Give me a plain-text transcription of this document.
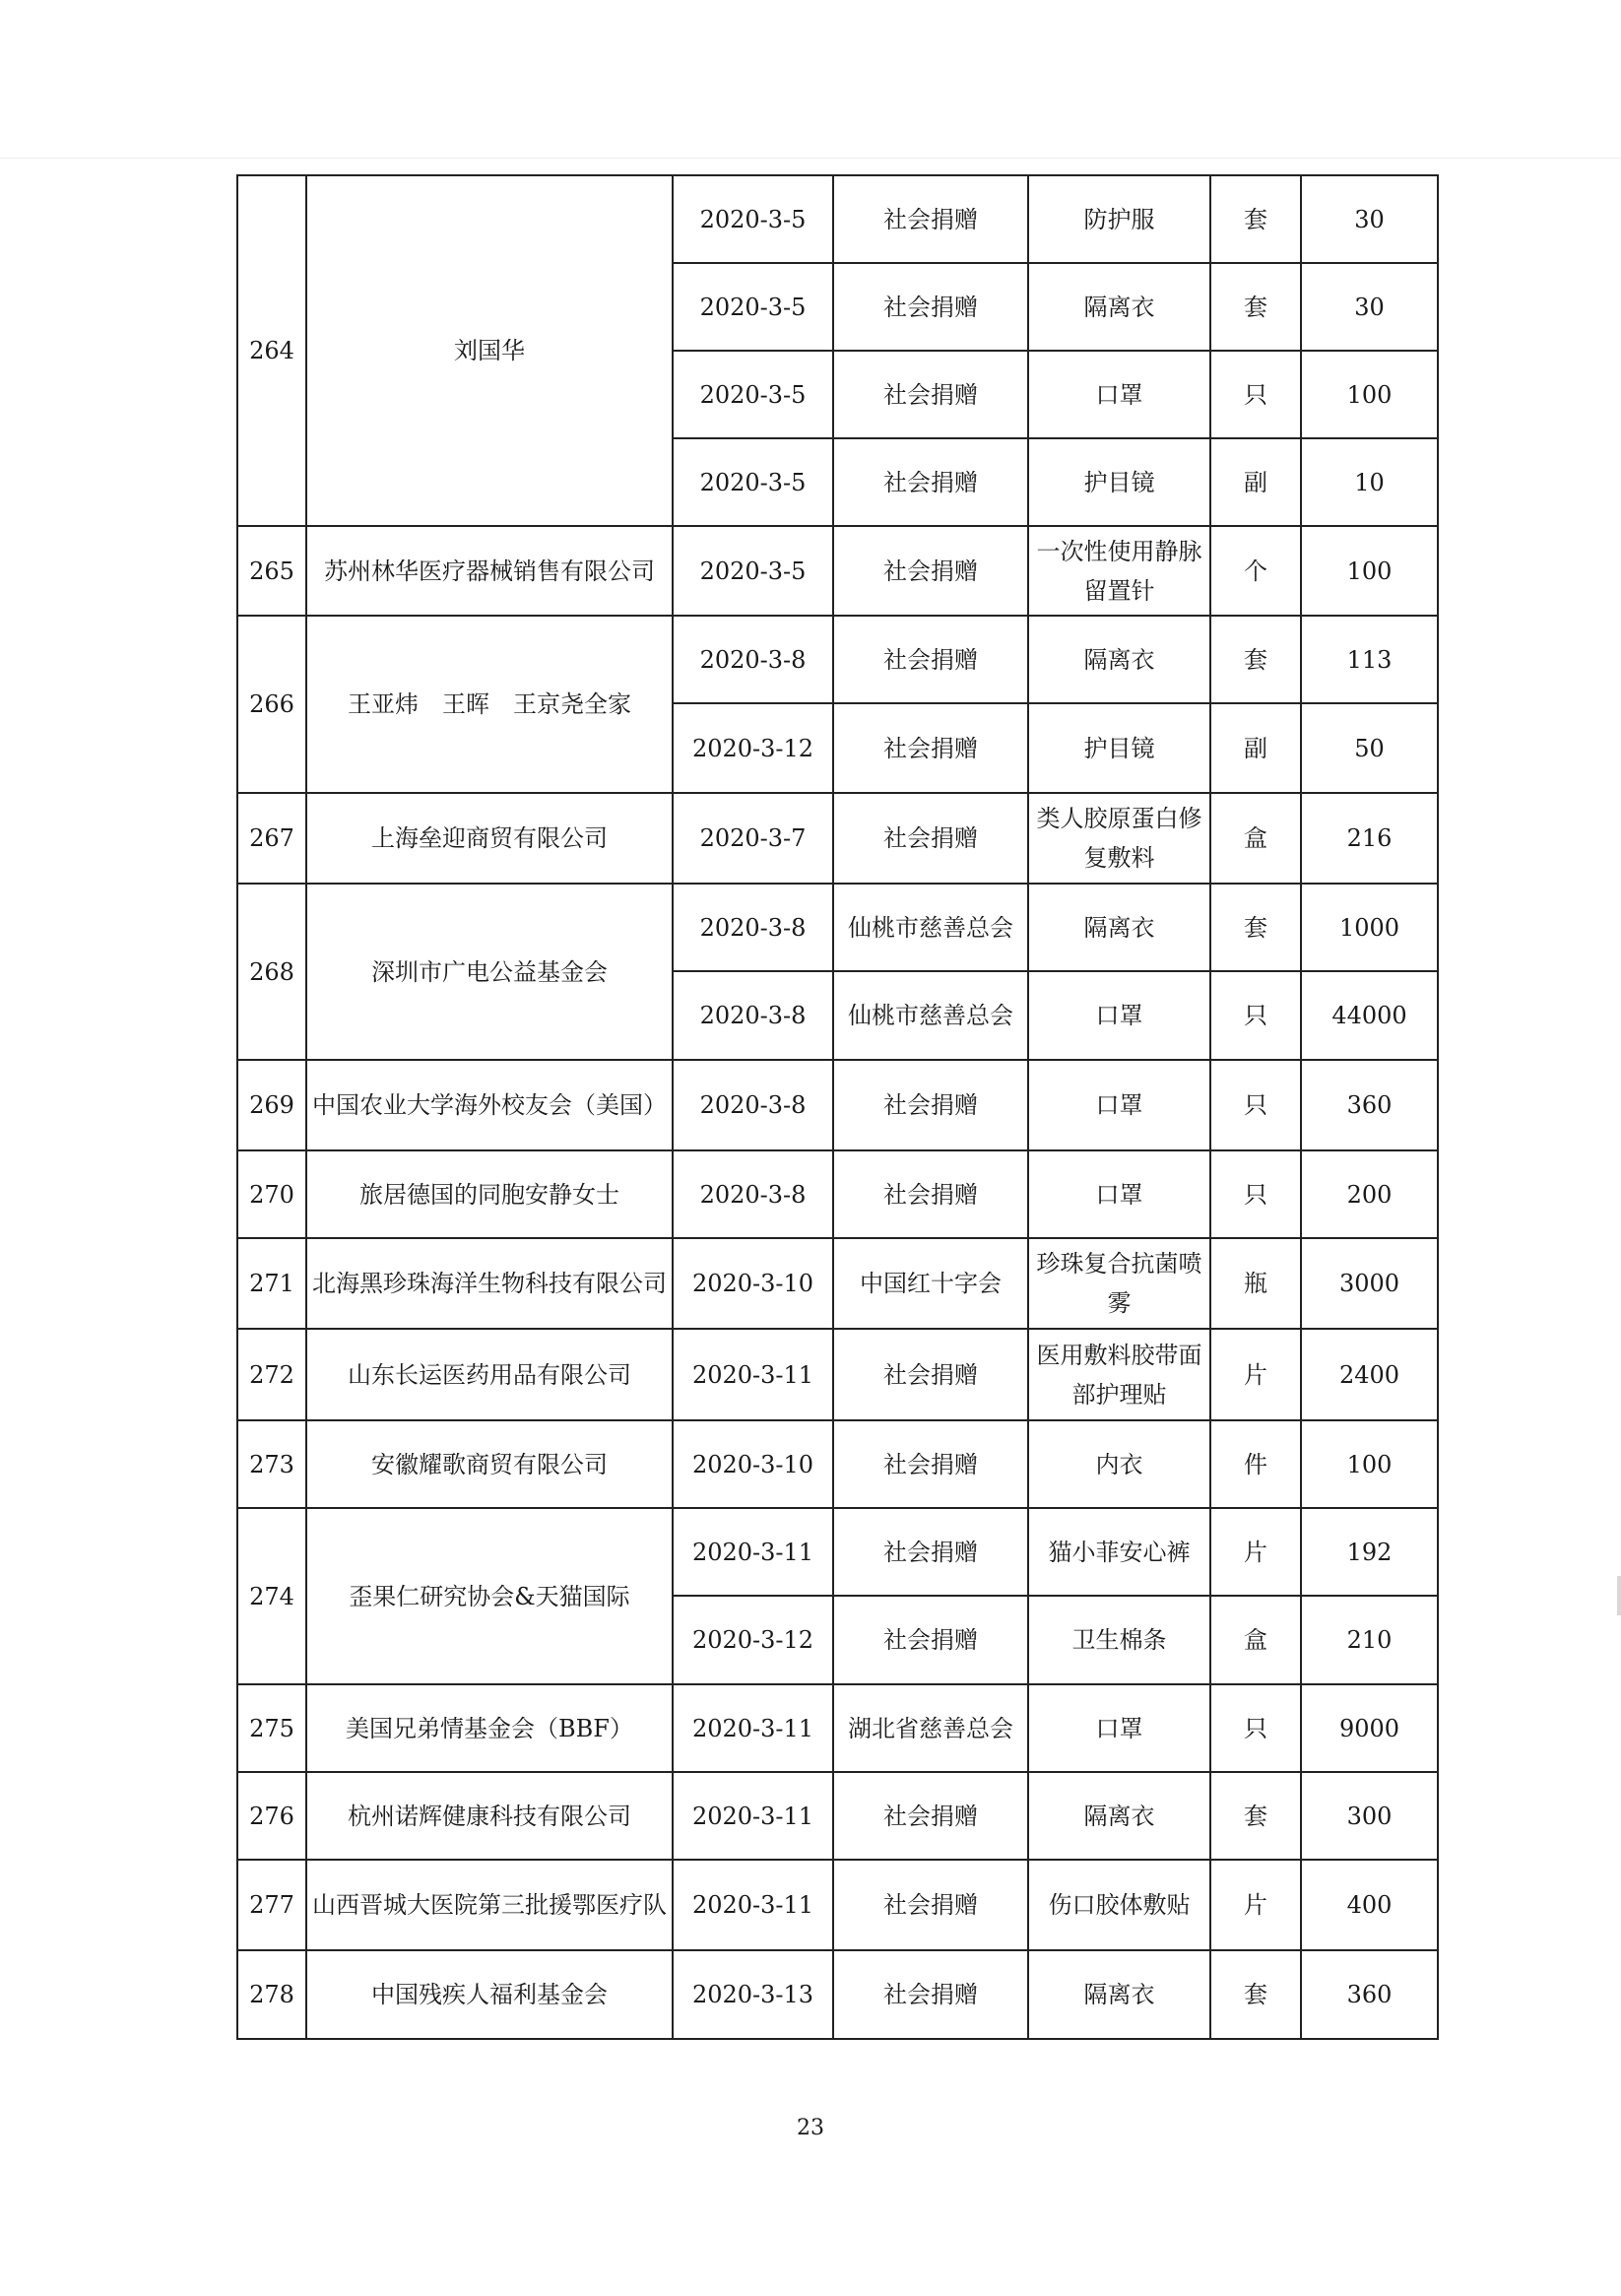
264	刘国华	2020-3-5	社会捐赠	防护服	套	30
		2020-3-5	社会捐赠	隔离衣	套	30
		2020-3-5	社会捐赠	口罩	只	100
		2020-3-5	社会捐赠	护目镜	副	10
265	苏州林华医疗器械销售有限公司	2020-3-5	社会捐赠	一次性使用静脉留置针	个	100
266	王亚炜　王晖　王京尧全家	2020-3-8	社会捐赠	隔离衣	套	113
		2020-3-12	社会捐赠	护目镜	副	50
267	上海垒迎商贸有限公司	2020-3-7	社会捐赠	类人胶原蛋白修复敷料	盒	216
268	深圳市广电公益基金会	2020-3-8	仙桃市慈善总会	隔离衣	套	1000
		2020-3-8	仙桃市慈善总会	口罩	只	44000
269	中国农业大学海外校友会（美国）	2020-3-8	社会捐赠	口罩	只	360
270	旅居德国的同胞安静女士	2020-3-8	社会捐赠	口罩	只	200
271	北海黑珍珠海洋生物科技有限公司	2020-3-10	中国红十字会	珍珠复合抗菌喷雾	瓶	3000
272	山东长运医药用品有限公司	2020-3-11	社会捐赠	医用敷料胶带面部护理贴	片	2400
273	安徽耀歌商贸有限公司	2020-3-10	社会捐赠	内衣	件	100
274	歪果仁研究协会&天猫国际	2020-3-11	社会捐赠	猫小菲安心裤	片	192
		2020-3-12	社会捐赠	卫生棉条	盒	210
275	美国兄弟情基金会（BBF）	2020-3-11	湖北省慈善总会	口罩	只	9000
276	杭州诺辉健康科技有限公司	2020-3-11	社会捐赠	隔离衣	套	300
277	山西晋城大医院第三批援鄂医疗队	2020-3-11	社会捐赠	伤口胶体敷贴	片	400
278	中国残疾人福利基金会	2020-3-13	社会捐赠	隔离衣	套	360
23
